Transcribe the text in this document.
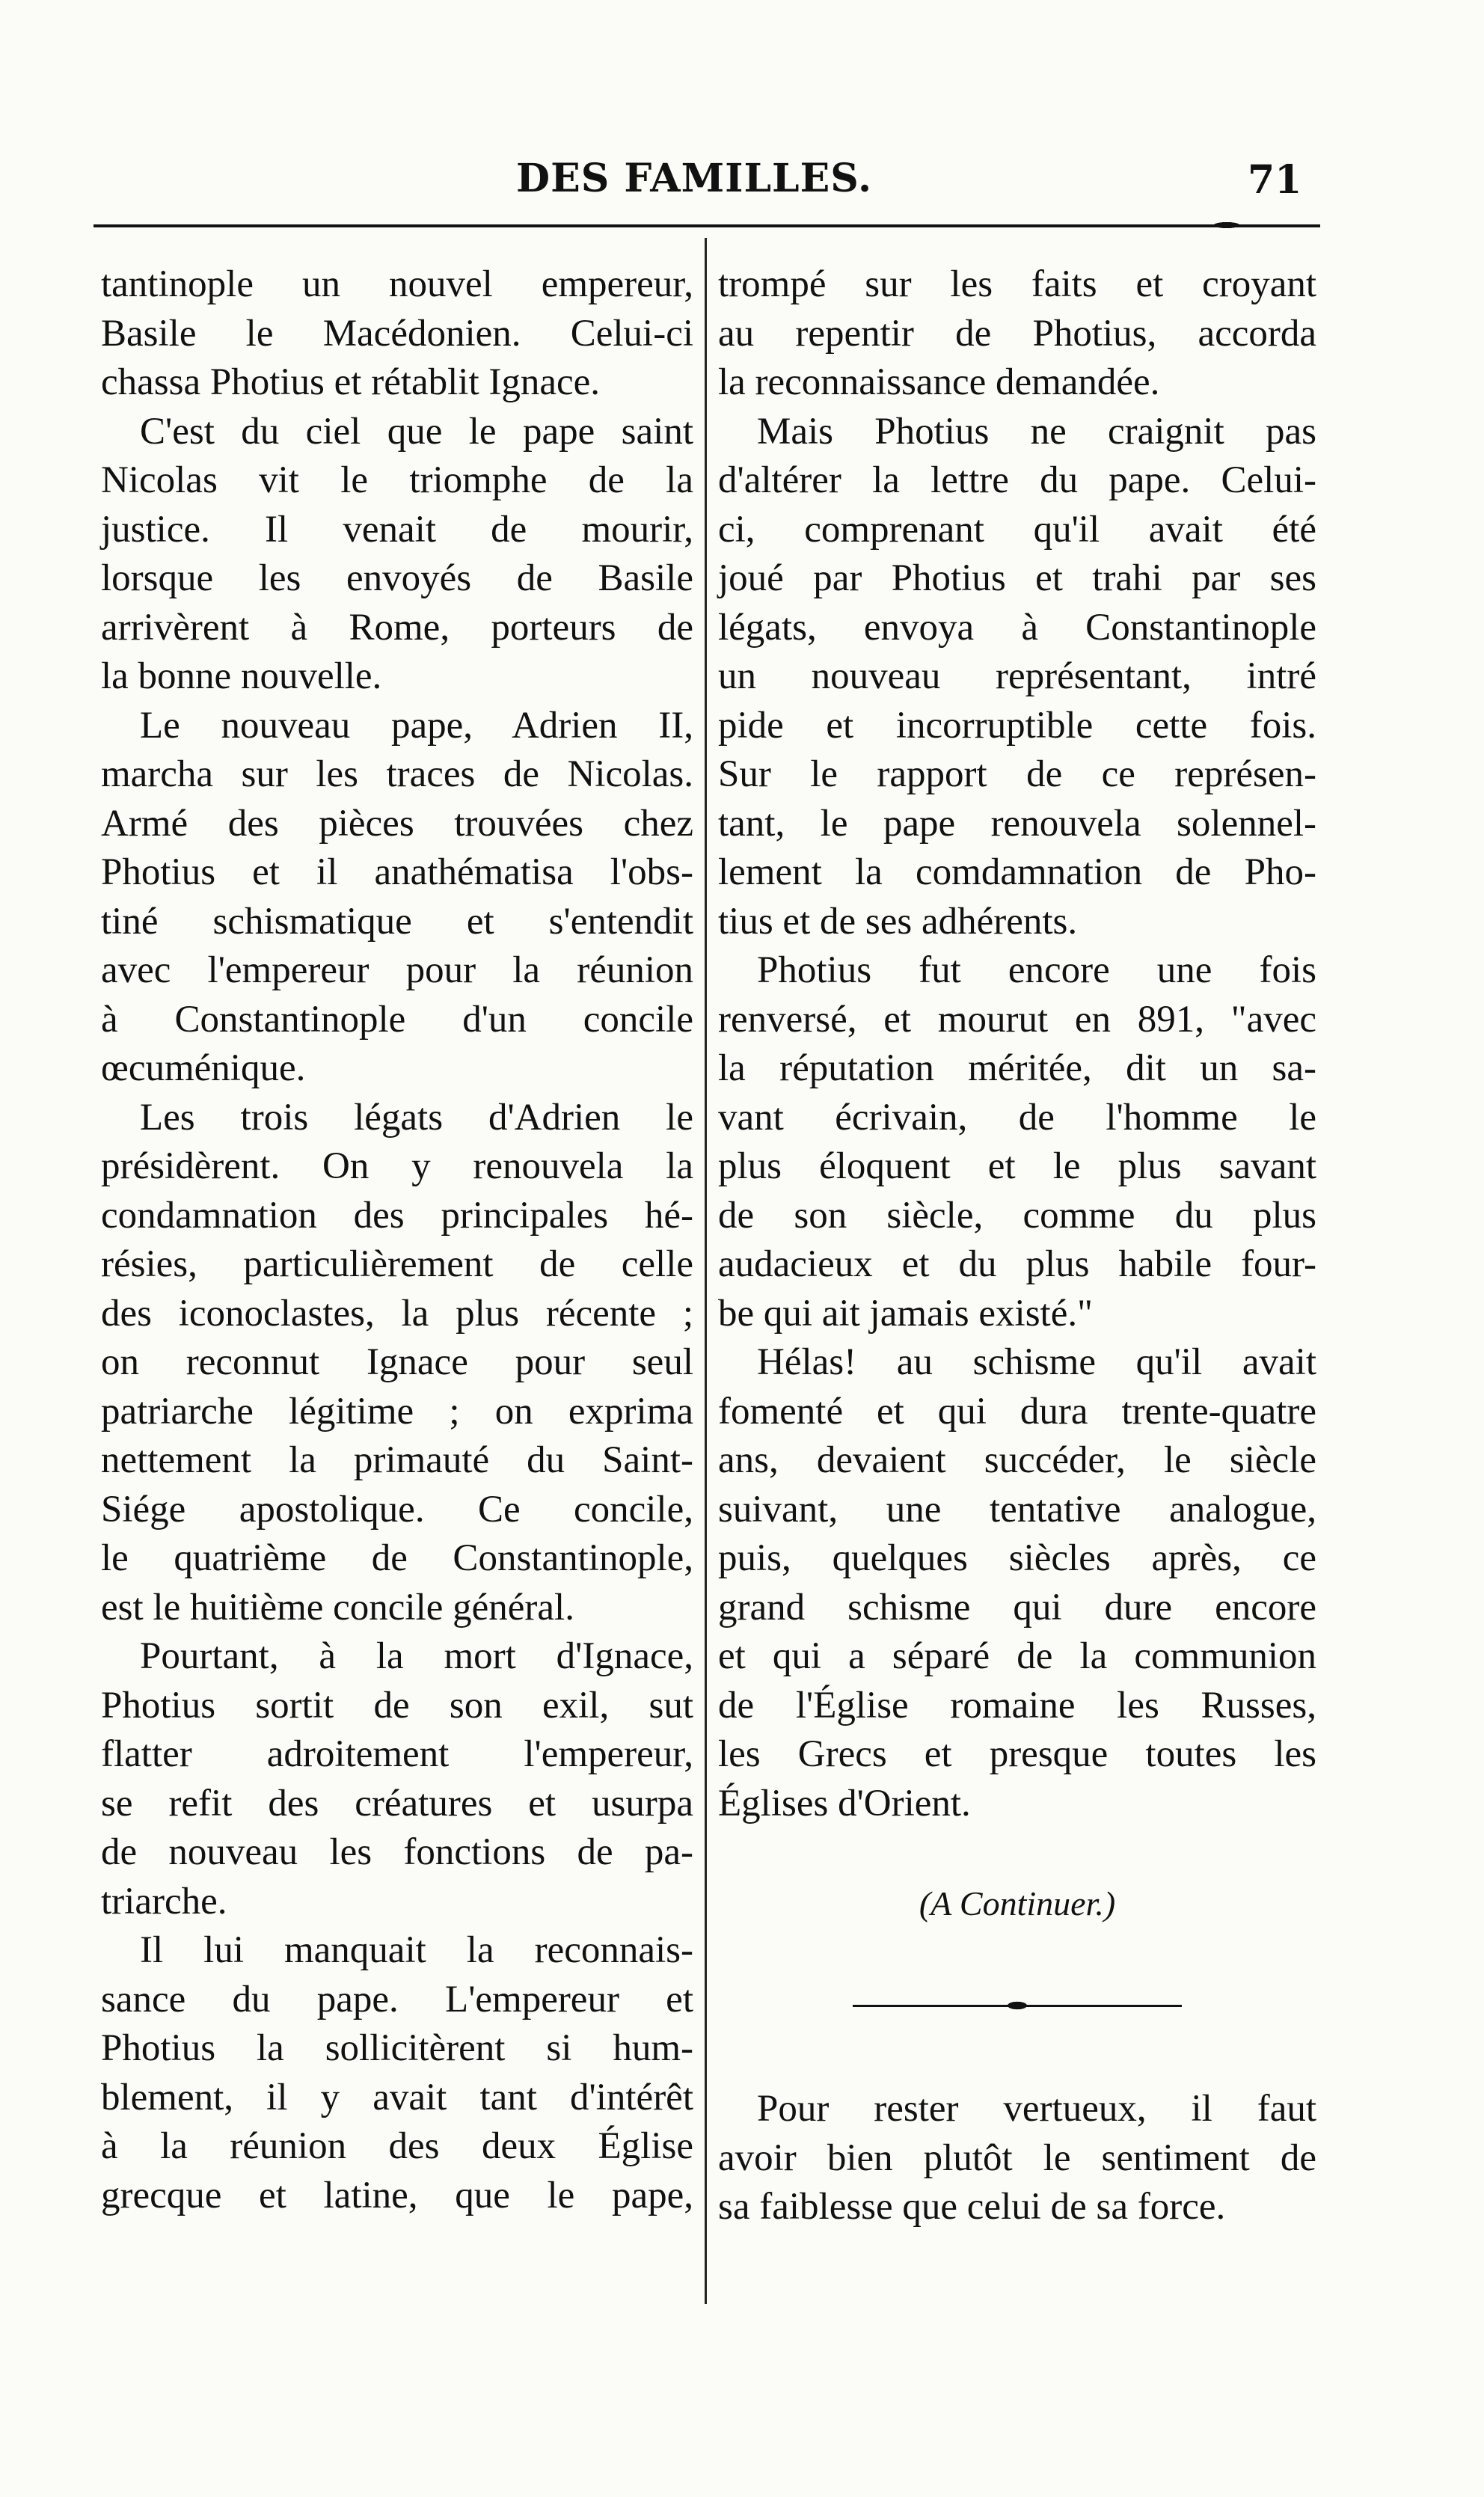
DES FAMILLES.	71
tantinople un nouvel empereur,
Basile le Macédonien. Celui-ci
chassa Photius et rétablit Ignace.
C'est du ciel que le pape saint
Nicolas vit le triomphe de la
justice. Il venait de mourir,
lorsque les envoyés de Basile
arrivèrent à Rome, porteurs de
la bonne nouvelle.
Le nouveau pape, Adrien II,
marcha sur les traces de Nicolas.
Armé des pièces trouvées chez
Photius et il anathématisa l'obs-
tiné schismatique et s'entendit
avec l'empereur pour la réunion
à Constantinople d'un concile
œcuménique.
Les trois légats d'Adrien le
présidèrent. On y renouvela la
condamnation des principales hé-
résies, particulièrement de celle
des iconoclastes, la plus récente ;
on reconnut Ignace pour seul
patriarche légitime ; on exprima
nettement la primauté du Saint-
Siége apostolique. Ce concile,
le quatrième de Constantinople,
est le huitième concile général.
Pourtant, à la mort d'Ignace,
Photius sortit de son exil, sut
flatter adroitement l'empereur,
se refit des créatures et usurpa
de nouveau les fonctions de pa-
triarche.
Il lui manquait la reconnais-
sance du pape. L'empereur et
Photius la sollicitèrent si hum-
blement, il y avait tant d'intérêt
à la réunion des deux Église
grecque et latine, que le pape,
trompé sur les faits et croyant
au repentir de Photius, accorda
la reconnaissance demandée.
Mais Photius ne craignit pas
d'altérer la lettre du pape. Celui-
ci, comprenant qu'il avait été
joué par Photius et trahi par ses
légats, envoya à Constantinople
un nouveau représentant, intré
pide et incorruptible cette fois.
Sur le rapport de ce représen-
tant, le pape renouvela solennel-
lement la comdamnation de Pho-
tius et de ses adhérents.
Photius fut encore une fois
renversé, et mourut en 891, "avec
la réputation méritée, dit un sa-
vant écrivain, de l'homme le
plus éloquent et le plus savant
de son siècle, comme du plus
audacieux et du plus habile four-
be qui ait jamais existé."
Hélas! au schisme qu'il avait
fomenté et qui dura trente-quatre
ans, devaient succéder, le siècle
suivant, une tentative analogue,
puis, quelques siècles après, ce
grand schisme qui dure encore
et qui a séparé de la communion
de l'Église romaine les Russes,
les Grecs et presque toutes les
Églises d'Orient.
(A Continuer.)
Pour rester vertueux, il faut
avoir bien plutôt le sentiment de
sa faiblesse que celui de sa force.
